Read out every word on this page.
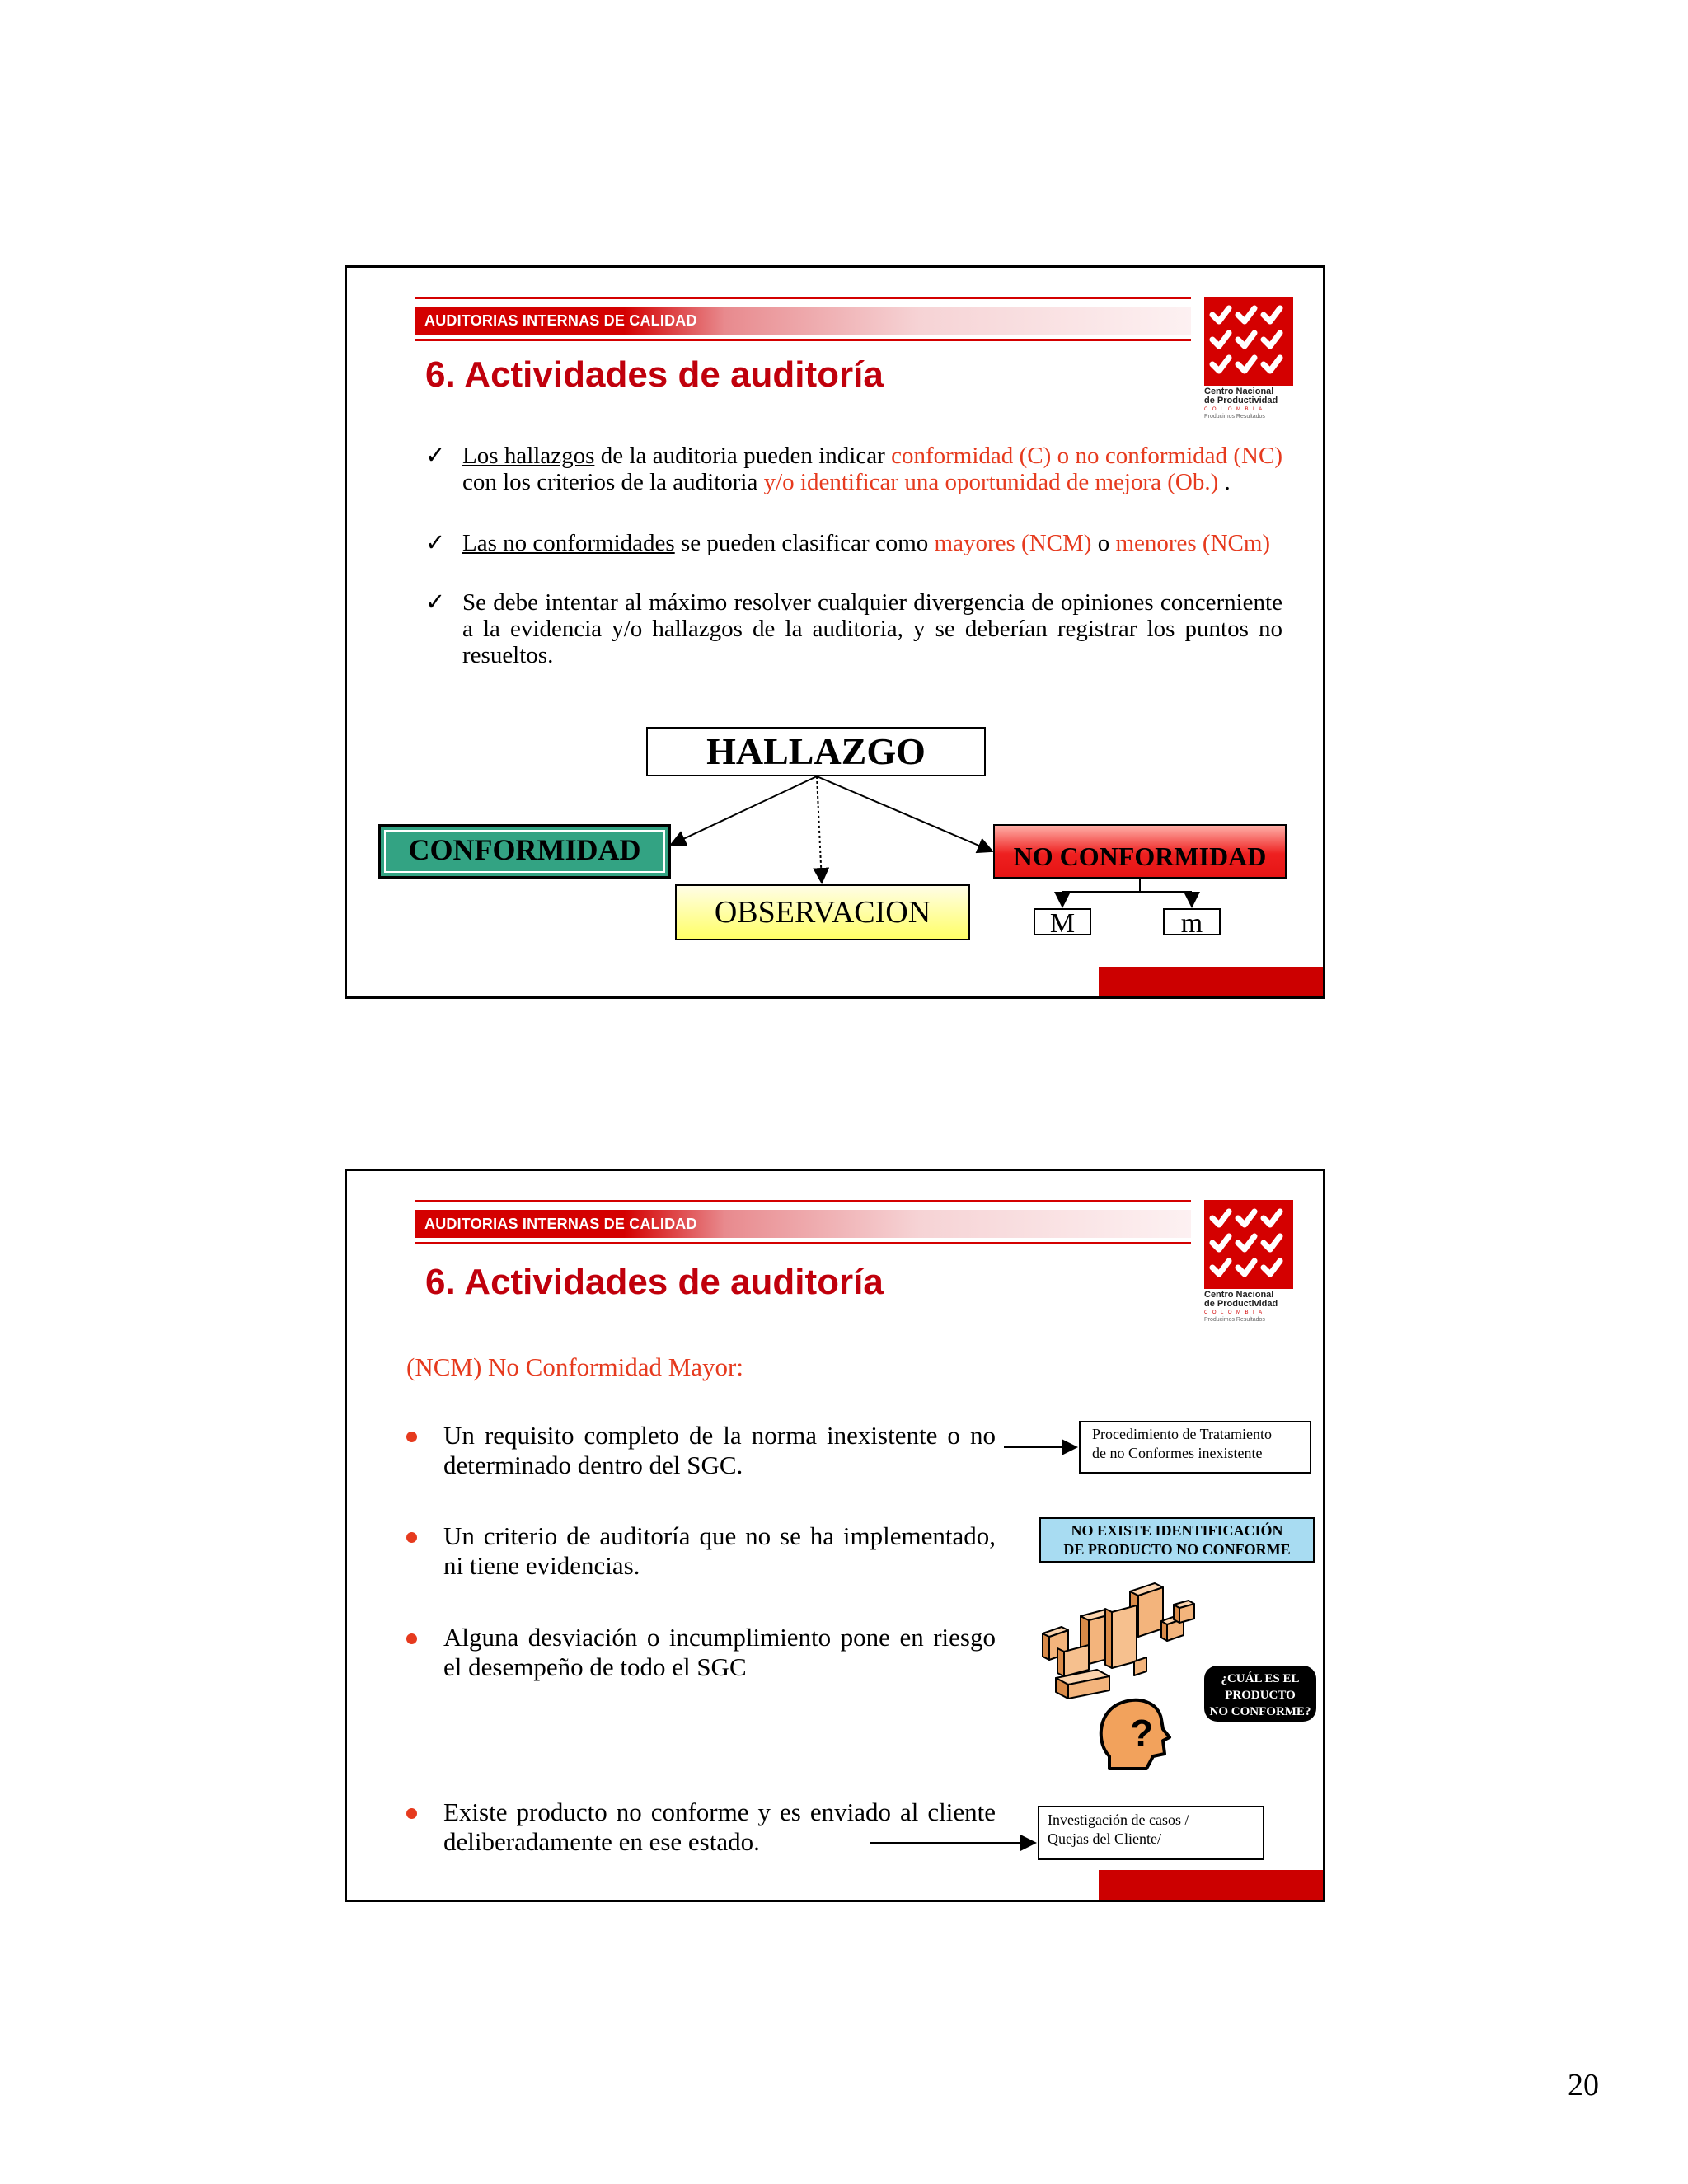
AUDITORIAS INTERNAS DE CALIDAD
Centro Nacional
de Productividad
COLOMBIA
Producimos Resultados
6. Actividades de auditoría
✓ Los hallazgos de la auditoria pueden indicar conformidad (C) o no conformidad (NC) con los criterios de la auditoria y/o identificar una oportunidad de mejora (Ob.) .
✓ Las no conformidades se pueden clasificar como mayores (NCM) o menores (NCm)
✓ Se debe intentar al máximo resolver cualquier divergencia de opiniones concerniente a la evidencia y/o hallazgos de la auditoria, y se deberían registrar los puntos no resueltos.
HALLAZGO
CONFORMIDAD	NO CONFORMIDAD
OBSERVACION	M	m
AUDITORIAS INTERNAS DE CALIDAD
Centro Nacional
de Productividad
COLOMBIA
Producimos Resultados
6. Actividades de auditoría
(NCM) No Conformidad Mayor:
Un requisito completo de la norma inexistente o no determinado dentro del SGC.
Un criterio de auditoría que no se ha implementado, ni tiene evidencias.
Alguna desviación o incumplimiento pone en riesgo el desempeño de todo el SGC
Existe producto no conforme y es enviado al cliente deliberadamente en ese estado.
Procedimiento de Tratamiento
de no Conformes inexistente
NO EXISTE IDENTIFICACIÓN
DE PRODUCTO NO CONFORME
?
¿CUÁL ES EL
PRODUCTO
NO CONFORME?
Investigación de casos /
Quejas del Cliente/
20
